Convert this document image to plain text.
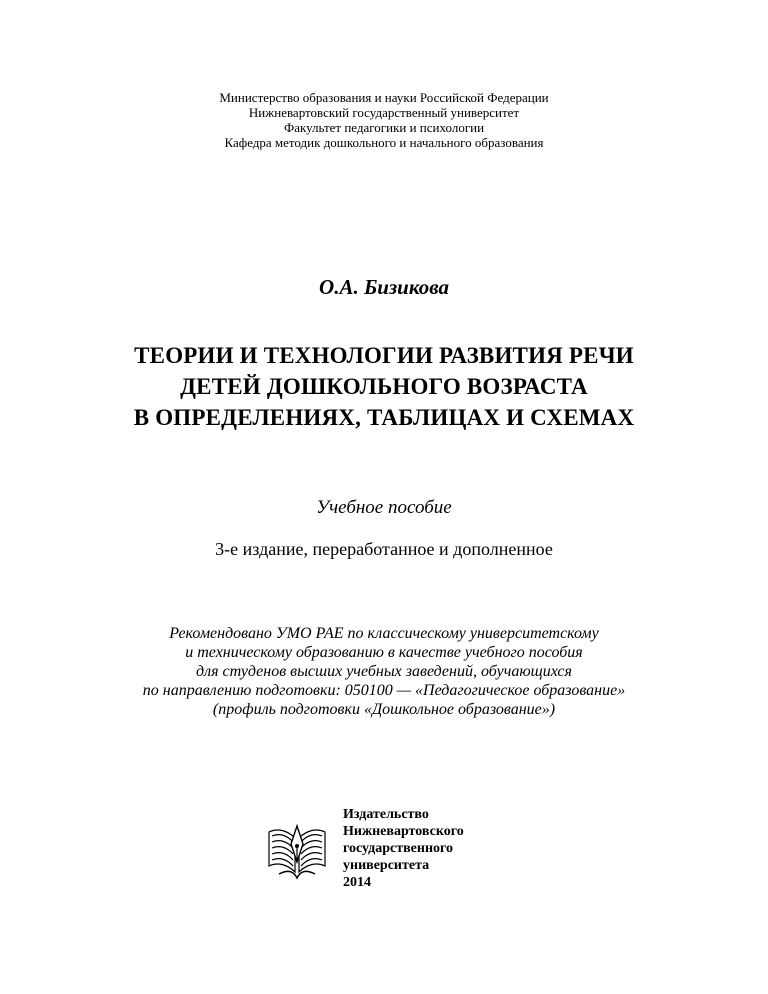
Министерство образования и науки Российской Федерации
Нижневартовский государственный университет
Факультет педагогики и психологии
Кафедра методик дошкольного и начального образования
О.А. Бизикова
ТЕОРИИ И ТЕХНОЛОГИИ РАЗВИТИЯ РЕЧИ
ДЕТЕЙ ДОШКОЛЬНОГО ВОЗРАСТА
В ОПРЕДЕЛЕНИЯХ, ТАБЛИЦАХ И СХЕМАХ
Учебное пособие
3-е издание, переработанное и дополненное
Рекомендовано УМО РАЕ по классическому университетскому
и техническому образованию в качестве учебного пособия
для студенов высших учебных заведений, обучающихся
по направлению подготовки: 050100 — «Педагогическое образование»
(профиль подготовки «Дошкольное образование»)
Издательство
Нижневартовского
государственного
университета
2014
